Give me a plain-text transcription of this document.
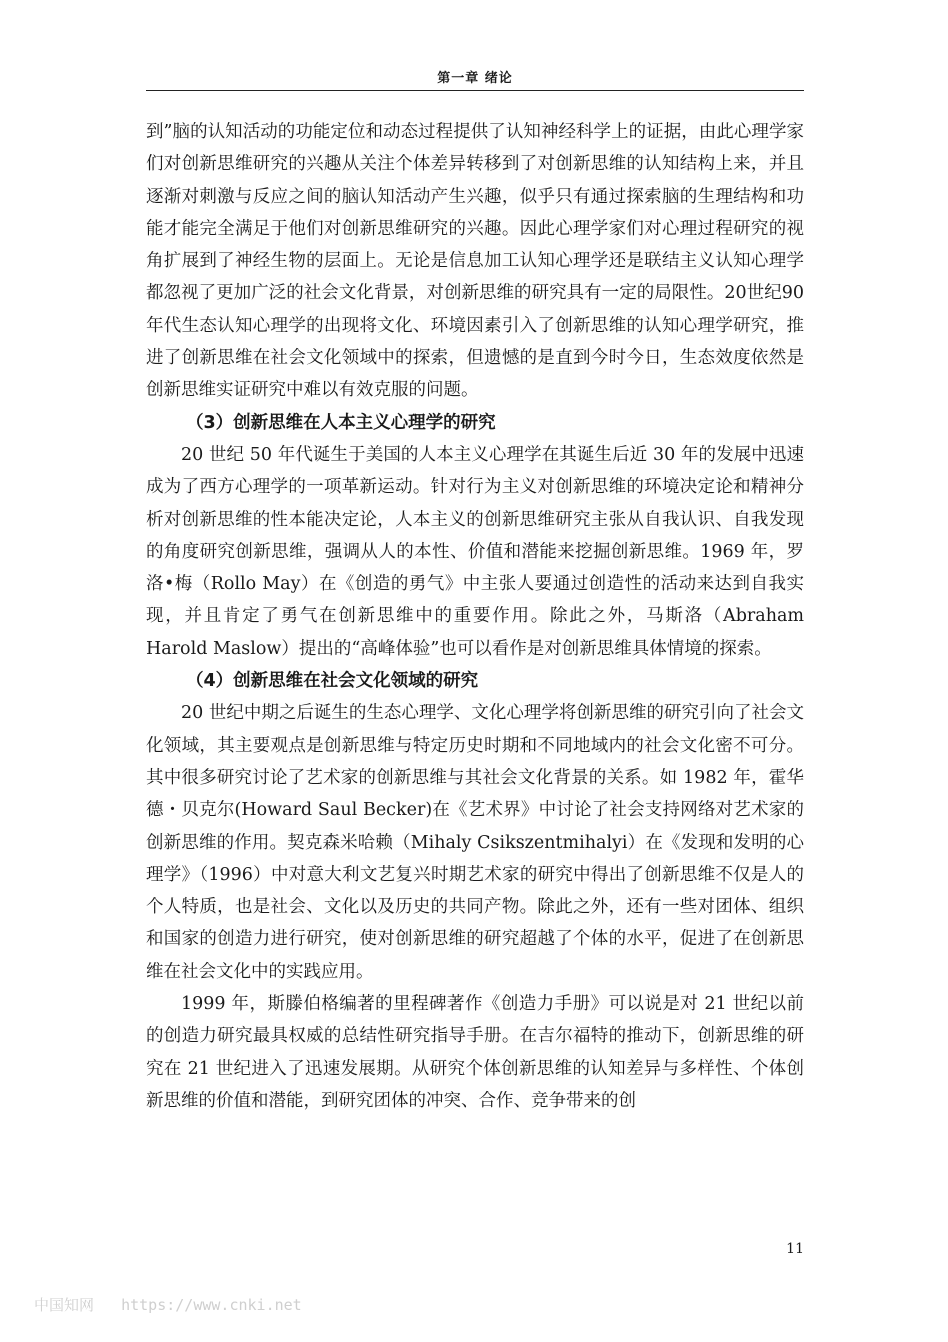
第一章 绪论

到”脑的认知活动的功能定位和动态过程提供了认知神经科学上的证据，由此心理学家们对创新思维研究的兴趣从关注个体差异转移到了对创新思维的认知结构上来，并且逐渐对刺激与反应之间的脑认知活动产生兴趣，似乎只有通过探索脑的生理结构和功能才能完全满足于他们对创新思维研究的兴趣。因此心理学家们对心理过程研究的视角扩展到了神经生物的层面上。无论是信息加工认知心理学还是联结主义认知心理学都忽视了更加广泛的社会文化背景，对创新思维的研究具有一定的局限性。20世纪90年代生态认知心理学的出现将文化、环境因素引入了创新思维的认知心理学研究，推进了创新思维在社会文化领域中的探索，但遗憾的是直到今时今日，生态效度依然是创新思维实证研究中难以有效克服的问题。

（3）创新思维在人本主义心理学的研究

20 世纪 50 年代诞生于美国的人本主义心理学在其诞生后近 30 年的发展中迅速成为了西方心理学的一项革新运动。针对行为主义对创新思维的环境决定论和精神分析对创新思维的性本能决定论，人本主义的创新思维研究主张从自我认识、自我发现的角度研究创新思维，强调从人的本性、价值和潜能来挖掘创新思维。1969 年，罗洛•梅（Rollo May）在《创造的勇气》中主张人要通过创造性的活动来达到自我实现，并且肯定了勇气在创新思维中的重要作用。除此之外，马斯洛（Abraham Harold Maslow）提出的“高峰体验”也可以看作是对创新思维具体情境的探索。

（4）创新思维在社会文化领域的研究

20 世纪中期之后诞生的生态心理学、文化心理学将创新思维的研究引向了社会文化领域，其主要观点是创新思维与特定历史时期和不同地域内的社会文化密不可分。其中很多研究讨论了艺术家的创新思维与其社会文化背景的关系。如 1982 年，霍华德・贝克尔(Howard Saul Becker)在《艺术界》中讨论了社会支持网络对艺术家的创新思维的作用。契克森米哈赖（Mihaly Csikszentmihalyi）在《发现和发明的心理学》（1996）中对意大利文艺复兴时期艺术家的研究中得出了创新思维不仅是人的个人特质，也是社会、文化以及历史的共同产物。除此之外，还有一些对团体、组织和国家的创造力进行研究，使对创新思维的研究超越了个体的水平，促进了在创新思维在社会文化中的实践应用。

1999 年，斯滕伯格编著的里程碑著作《创造力手册》可以说是对 21 世纪以前的创造力研究最具权威的总结性研究指导手册。在吉尔福特的推动下，创新思维的研究在 21 世纪进入了迅速发展期。从研究个体创新思维的认知差异与多样性、个体创新思维的价值和潜能，到研究团体的冲突、合作、竞争带来的创

11
中国知网   https://www.cnki.net
